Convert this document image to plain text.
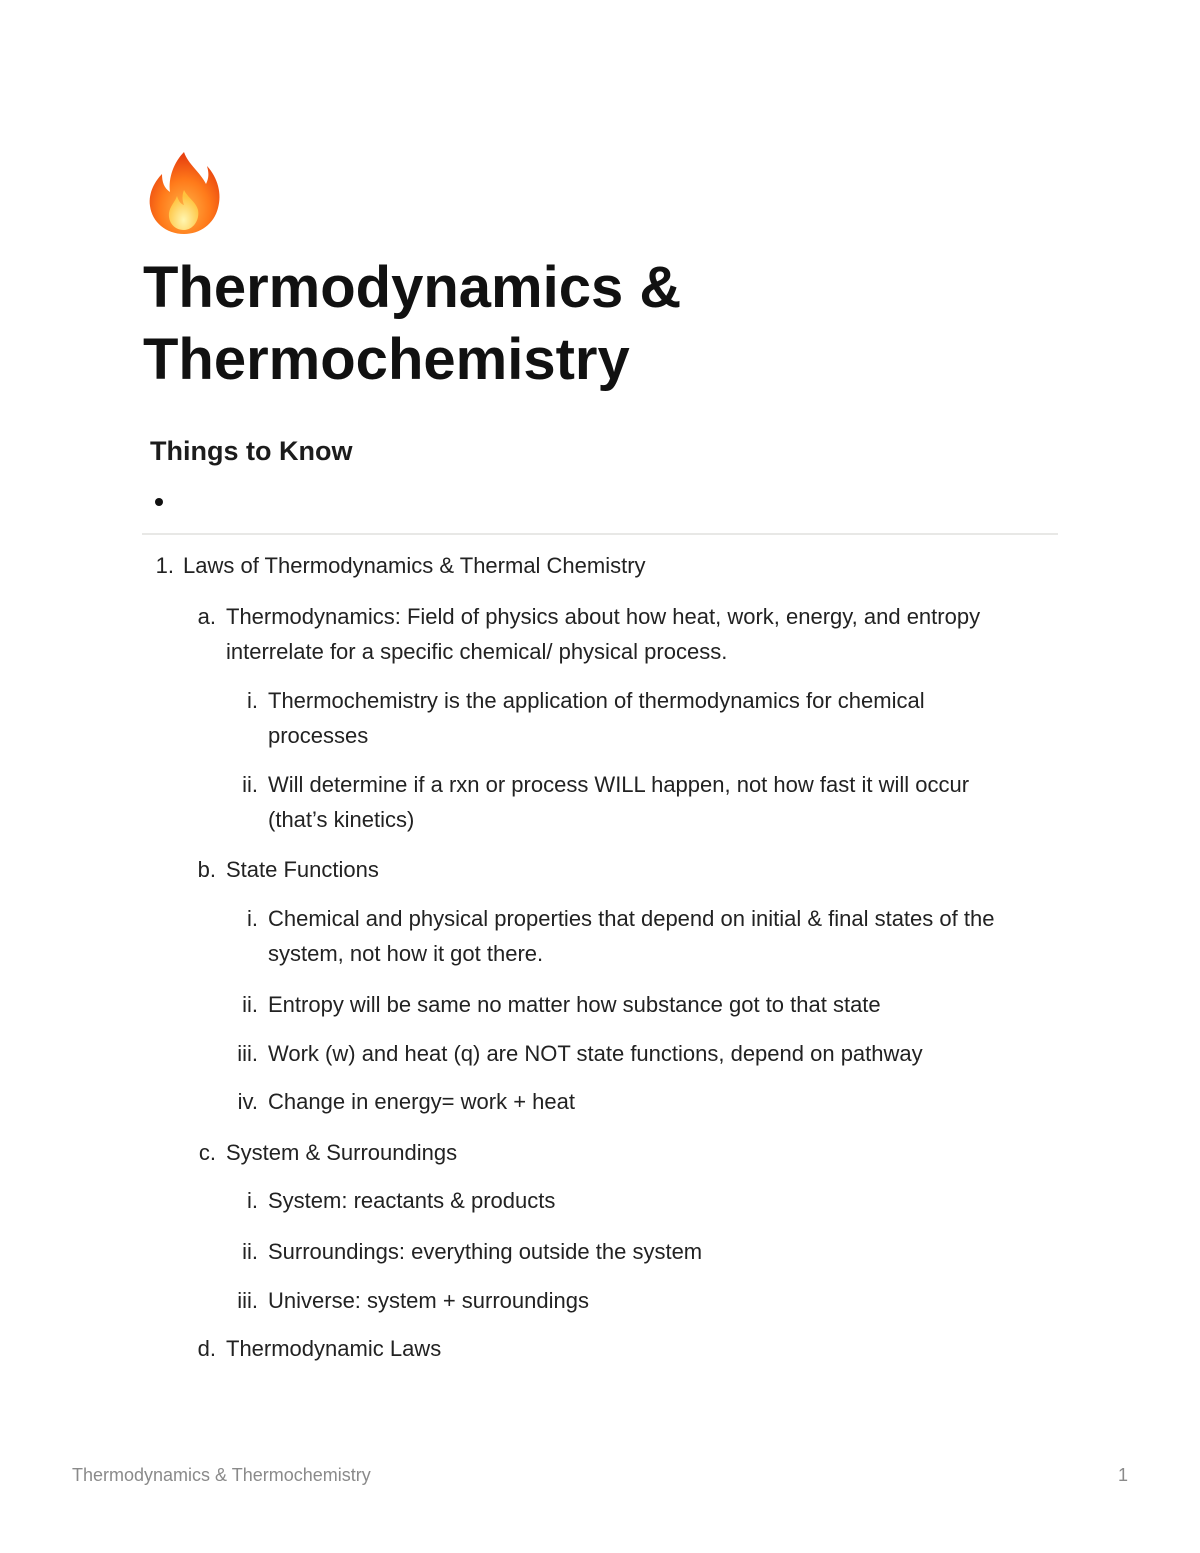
Thermodynamics &
Thermochemistry
Things to Know
1. Laws of Thermodynamics & Thermal Chemistry
a. Thermodynamics: Field of physics about how heat, work, energy, and entropy
interrelate for a specific chemical/ physical process.
i. Thermochemistry is the application of thermodynamics for chemical
processes
ii. Will determine if a rxn or process WILL happen, not how fast it will occur
(that’s kinetics)
b. State Functions
i. Chemical and physical properties that depend on initial & final states of the
system, not how it got there.
ii. Entropy will be same no matter how substance got to that state
iii. Work (w) and heat (q) are NOT state functions, depend on pathway
iv. Change in energy= work + heat
c. System & Surroundings
i. System: reactants & products
ii. Surroundings: everything outside the system
iii. Universe: system + surroundings
d. Thermodynamic Laws
Thermodynamics & Thermochemistry	1
